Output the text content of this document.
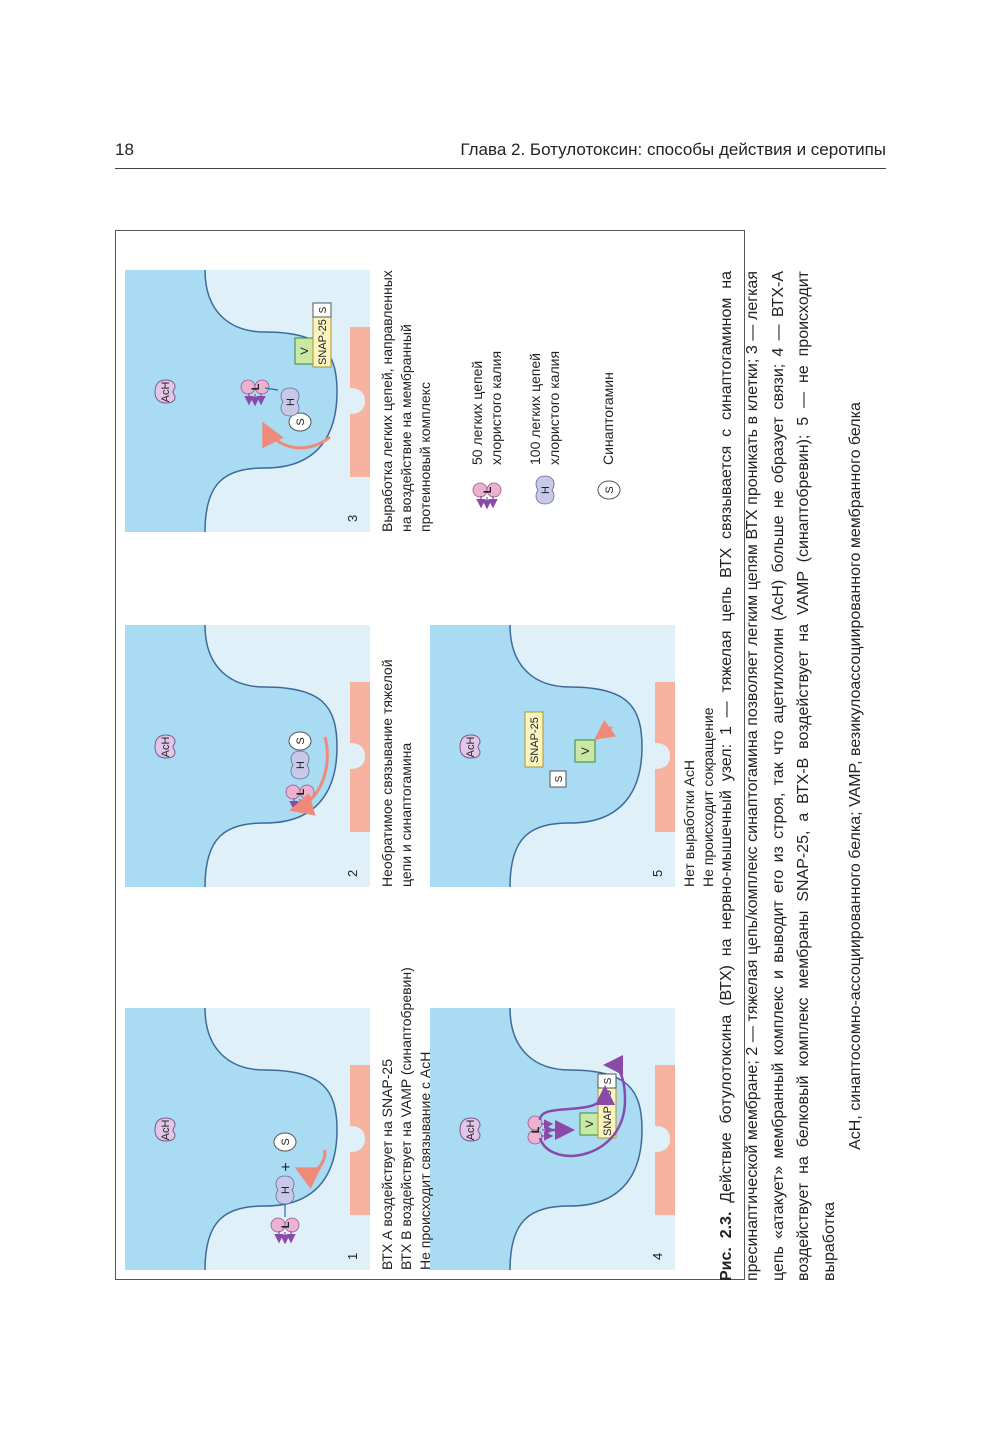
18	Глава 2. Ботулотоксин: способы действия и серотипы
AcH
L
H
+
S
1
AcH
L
H
S
2
AcH
S
H
L
V SNAP-25
S
3
AcH	L
V SNAP-25
S
4
AcH
S
V
SNAP-25
5
L	H	S
ВТХ А воздействует на SNAP-25 ВТХ В воздействует на VAMP (синаптобревин) Не происходит связывание с AcH
Необратимое связывание тяжелой цепи и синаптогамина
Выработка легких цепей, направленных на воздействие на мембранный протеиновый комплекс
Нет выработки AcH Не происходит сокращение
50 легких цепей хлористого калия 100 легких цепей хлористого калия	Синаптогамин
Рис. 2.3. Действие ботулотоксина (ВТХ) на нервно-мышечный узел: 1 — тяжелая цепь ВТХ связывается с синаптогамином на пресинаптической мембране; 2 — тяжелая цепь/комплекс синаптогамина позволяет легким цепям ВТХ проникать в клетки; 3 — легкая цепь «атакует» мембранный комплекс и выводит его из строя, так что ацетилхолин (AcH) больше не образует связи; 4 — ВТХ-А воздействует на белковый комплекс мембраны SNAP-25, а ВТХ-В воздействует на VAMP (синаптобревин); 5 — не происходит выработка
AcH, синаптосомно-ассоциированного белка; VAMP, везикулоассоциированного мембранного белка
